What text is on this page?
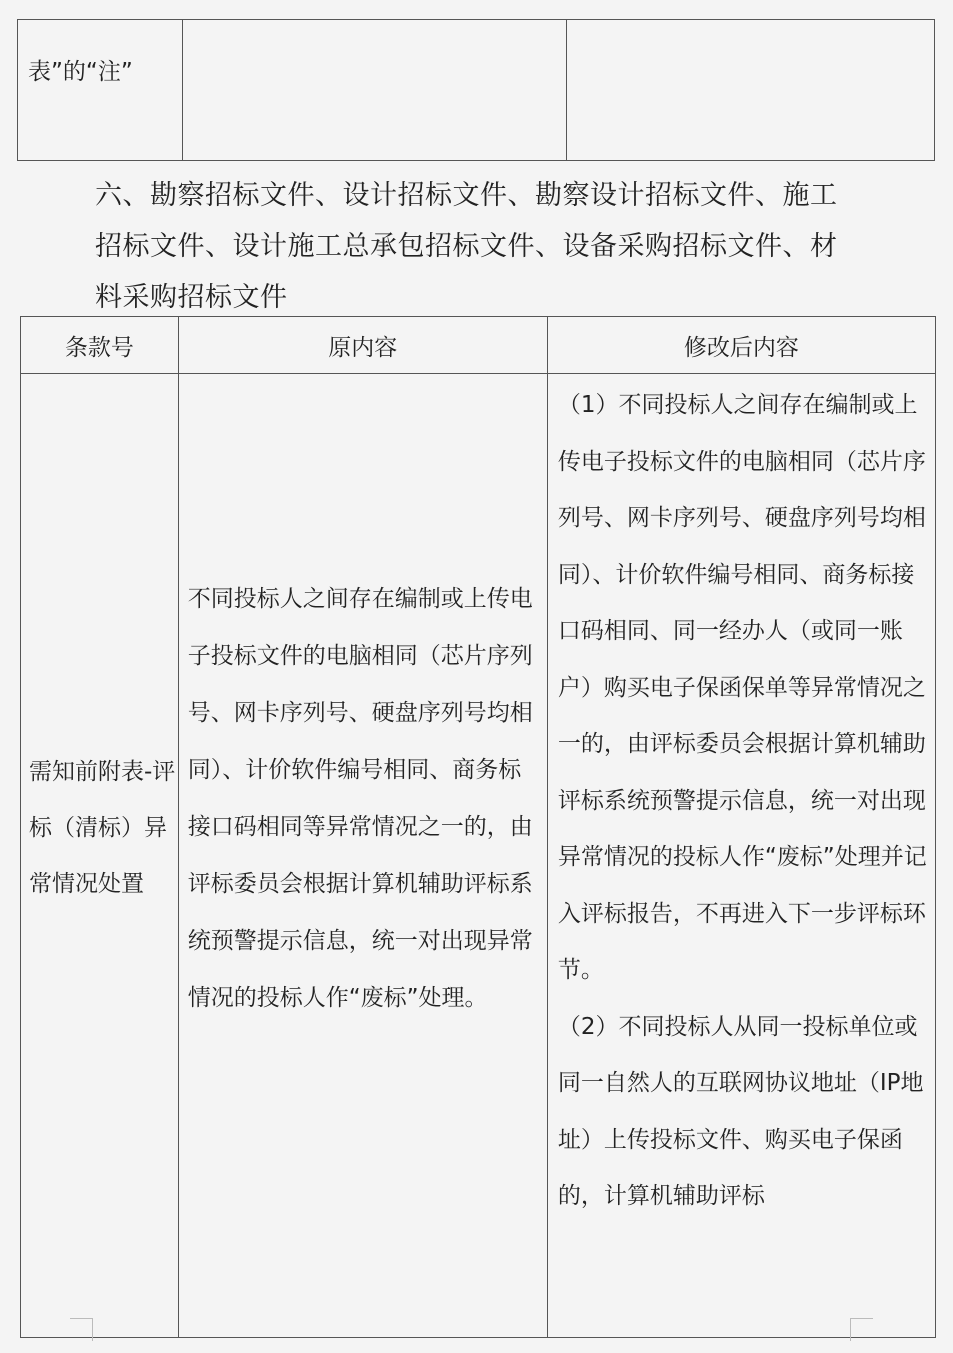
表”的“注”

六、勘察招标文件、设计招标文件、勘察设计招标文件、施工招标文件、设计施工总承包招标文件、设备采购招标文件、材料采购招标文件
条款号	原内容	修改后内容

需知前附表-评标（清标）异常情况处置	不同投标人之间存在编制或上传电子投标文件的电脑相同（芯片序列号、网卡序列号、硬盘序列号均相同）、计价软件编号相同、商务标接口码相同等异常情况之一的，由评标委员会根据计算机辅助评标系统预警提示信息，统一对出现异常情况的投标人作“废标”处理。	（1）不同投标人之间存在编制或上传电子投标文件的电脑相同（芯片序列号、网卡序列号、硬盘序列号均相同）、计价软件编号相同、商务标接口码相同、同一经办人（或同一账户）购买电子保函保单等异常情况之一的，由评标委员会根据计算机辅助评标系统预警提示信息，统一对出现异常情况的投标人作“废标”处理并记入评标报告，不再进入下一步评标环节。

（2）不同投标人从同一投标单位或同一自然人的互联网协议地址（IP地址）上传投标文件、购买电子保函的，计算机辅助评标
